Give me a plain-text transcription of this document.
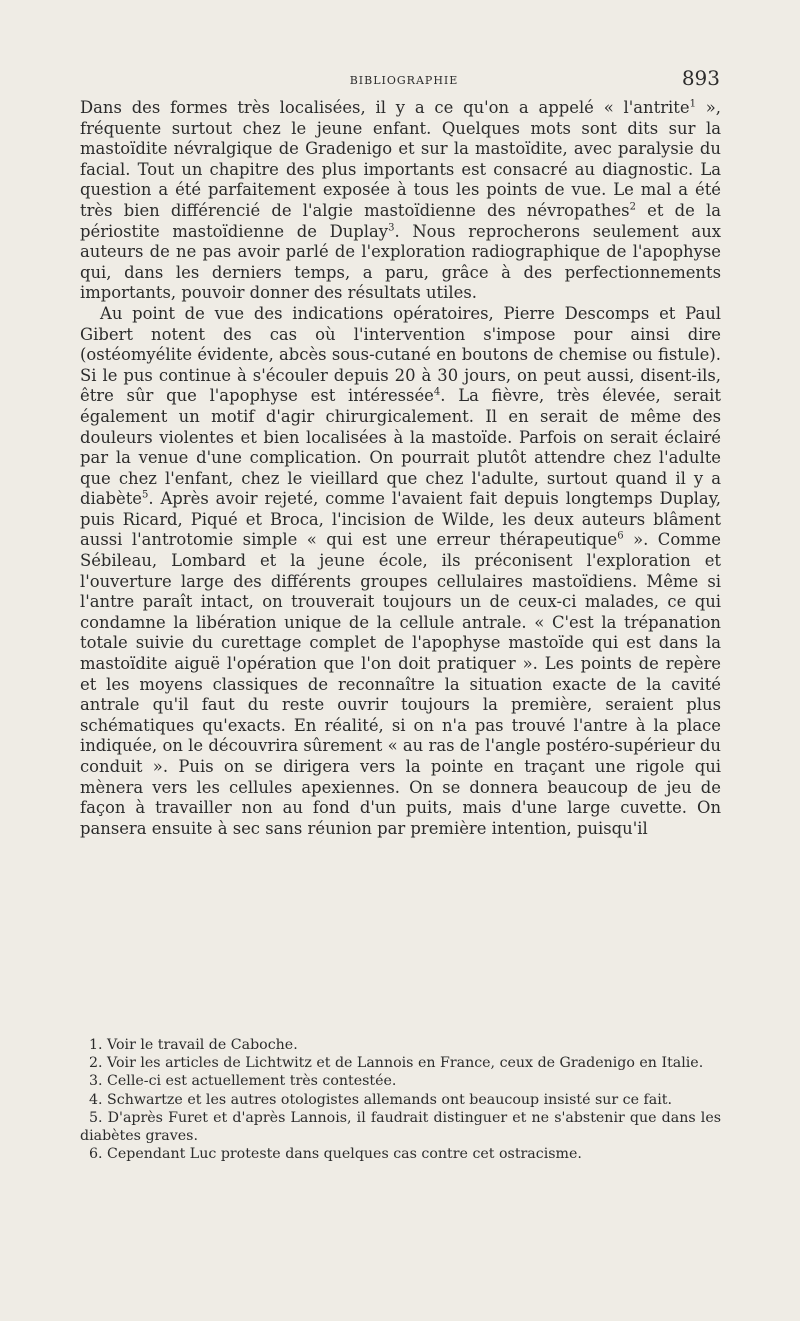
BIBLIOGRAPHIE	893

Dans des formes très localisées, il y a ce qu'on a appelé « l'antrite$^1$ », fréquente surtout chez le jeune enfant. Quelques mots sont dits sur la mastoïdite névralgique de Gradenigo et sur la mastoïdite, avec paralysie du facial. Tout un chapitre des plus importants est consacré au diagnostic. La question a été parfaitement exposée à tous les points de vue. Le mal a été très bien différencié de l'algie mastoïdienne des névropathes$^2$ et de la périostite mastoïdienne de Duplay$^3$. Nous reprocherons seulement aux auteurs de ne pas avoir parlé de l'exploration radiographique de l'apophyse qui, dans les derniers temps, a paru, grâce à des perfectionnements importants, pouvoir donner des résultats utiles.

Au point de vue des indications opératoires, Pierre Descomps et Paul Gibert notent des cas où l'intervention s'impose pour ainsi dire (ostéomyélite évidente, abcès sous-cutané en boutons de chemise ou fistule). Si le pus continue à s'écouler depuis 20 à 30 jours, on peut aussi, disent-ils, être sûr que l'apophyse est intéressée$^4$. La fièvre, très élevée, serait également un motif d'agir chirurgicalement. Il en serait de même des douleurs violentes et bien localisées à la mastoïde. Parfois on serait éclairé par la venue d'une complication. On pourrait plutôt attendre chez l'adulte que chez l'enfant, chez le vieillard que chez l'adulte, surtout quand il y a diabète$^5$. Après avoir rejeté, comme l'avaient fait depuis longtemps Duplay, puis Ricard, Piqué et Broca, l'incision de Wilde, les deux auteurs blâment aussi l'antrotomie simple « qui est une erreur thérapeutique$^6$ ». Comme Sébileau, Lombard et la jeune école, ils préconisent l'exploration et l'ouverture large des différents groupes cellulaires mastoïdiens. Même si l'antre paraît intact, on trouverait toujours un de ceux-ci malades, ce qui condamne la libération unique de la cellule antrale. « C'est la trépanation totale suivie du curettage complet de l'apophyse mastoïde qui est dans la mastoïdite aiguë l'opération que l'on doit pratiquer ». Les points de repère et les moyens classiques de reconnaître la situation exacte de la cavité antrale qu'il faut du reste ouvrir toujours la première, seraient plus schématiques qu'exacts. En réalité, si on n'a pas trouvé l'antre à la place indiquée, on le découvrira sûrement « au ras de l'angle postéro-supérieur du conduit ». Puis on se dirigera vers la pointe en traçant une rigole qui mènera vers les cellules apexiennes. On se donnera beaucoup de jeu de façon à travailler non au fond d'un puits, mais d'une large cuvette. On pansera ensuite à sec sans réunion par première intention, puisqu'il

1. Voir le travail de Caboche.

2. Voir les articles de Lichtwitz et de Lannois en France, ceux de Gradenigo en Italie.

3. Celle-ci est actuellement très contestée.

4. Schwartze et les autres otologistes allemands ont beaucoup insisté sur ce fait.

5. D'après Furet et d'après Lannois, il faudrait distinguer et ne s'abstenir que dans les diabètes graves.

6. Cependant Luc proteste dans quelques cas contre cet ostracisme.
